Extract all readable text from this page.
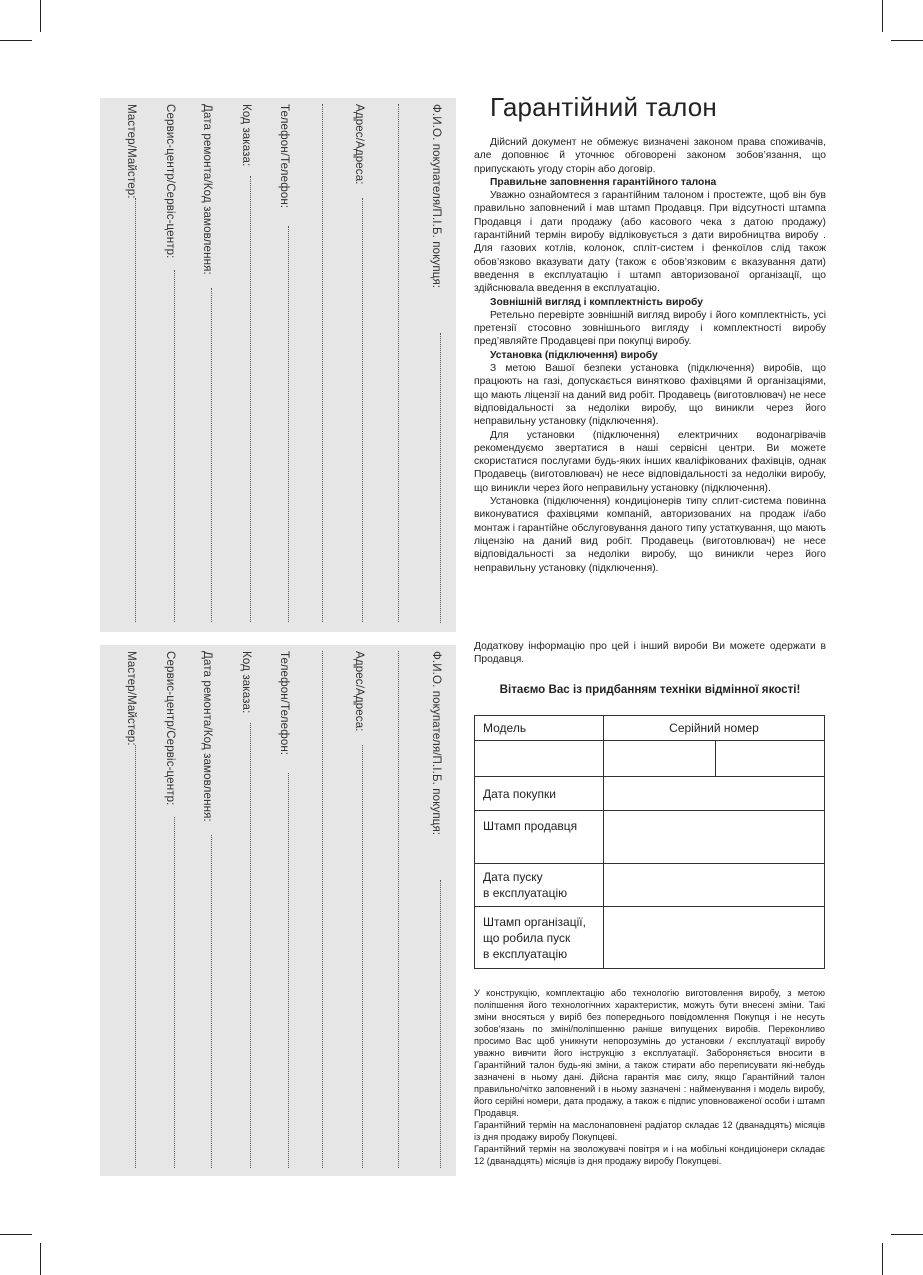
Ф.И.О. покупателя/П.І.Б. покупця:
Адрес/Адреса:
Телефон/Телефон:
Код заказа:
Дата ремонта/Код замовлення:
Сервис-центр/Сервіс-центр:
Мастер/Майстер:
Ф.И.О. покупателя/П.І.Б. покупця:
Адрес/Адреса:
Телефон/Телефон:
Код заказа:
Дата ремонта/Код замовлення:
Сервис-центр/Сервіс-центр:
Мастер/Майстер:
Гарантійний талон

Дійсний документ не обмежує визначені законом права споживачів, але доповнює й уточнює обговорені законом зобов’язання, що припускають угоду сторін або договір.

Правильне заповнення гарантійного талона

Уважно ознайомтеся з гарантійним талоном і простежте, щоб він був правильно заповнений і мав штамп Продавця. При відсутності штампа Продавця і дати продажу (або касового чека з датою продажу) гарантійний термін виробу відліковується з дати виробництва виробу . Для газових котлів, колонок, спліт-систем і фенкоїлов слід також обов’язково вказувати дату (також є обов’язковим є вказування дати) введення в експлуатацію і штамп авторизованої організації, що здійснювала введення в експлуатацію.

Зовнішній вигляд і комплектність виробу

Ретельно перевірте зовнішній вигляд виробу і його комплектність, усі претензії стосовно зовнішнього вигляду і комплектності виробу пред’являйте Продавцеві при покупці виробу.

Установка (підключення) виробу

З метою Вашої безпеки установка (підключення) виробів, що працюють на газі, допускається винятково фахівцями й організаціями, що мають ліцензії на даний вид робіт. Продавець (виготовлювач) не несе відповідальності за недоліки виробу, що виникли через його неправильну установку (підключення).

Для установки (підключення) електричних водонагрівачів рекомендуємо звертатися в наші сервісні центри. Ви можете скористатися послугами будь-яких інших кваліфікованих фахівців, однак Продавець (виготовлювач) не несе відповідальності за недоліки виробу, що виникли через його неправильну установку (підключення).

Установка (підключення) кондиціонерів типу сплит-система повинна виконуватися фахівцями компаній, авторизованих на продаж і/або монтаж і гарантійне обслуговування даного типу устаткування, що мають ліцензію на даний вид робіт. Продавець (виготовлювач) не несе відповідальності за недоліки виробу, що виникли через його неправильну установку (підключення).

Додаткову інформацію про цей і інший вироби Ви можете одержати в Продавця.

Вітаємо Вас із придбанням техніки відмінної якості!
Модель	Серійний номер	

Дата покупки		
Штамп продавця		

Дата пуску
в експлуатацію		

Штамп організації,
що робила пуск
в експлуатацію		

У конструкцію, комплектацію або технологію виготовлення виробу, з метою поліпшення його технологічних характеристик, можуть бути внесені зміни. Такі зміни вносяться у виріб без попереднього повідомлення Покупця і не несуть зобов’язань по зміні/поліпшенню раніше випущених виробів. Переконливо просимо Вас щоб уникнути непорозумінь до установки / експлуатації виробу уважно вивчити його інструкцію з експлуатації. Забороняється вносити в Гарантійний талон будь-які зміни, а також стирати або переписувати які-небудь зазначені в ньому дані. Дійсна гарантія має силу, якщо Гарантійний талон правильно/чітко заповнений і в ньому зазначені : найменування і модель виробу, його серійні номери, дата продажу, а також є підпис уповноваженої особи і штамп Продавця.
Гарантійний термін на маслонаповнені радіатор складає 12 (дванадцять) місяців із дня продажу виробу Покупцеві.
Гарантійний термін на зволожувачі повітря и і на мобільні кондиціонери складає 12 (дванадцять) місяців із дня продажу виробу Покупцеві.
